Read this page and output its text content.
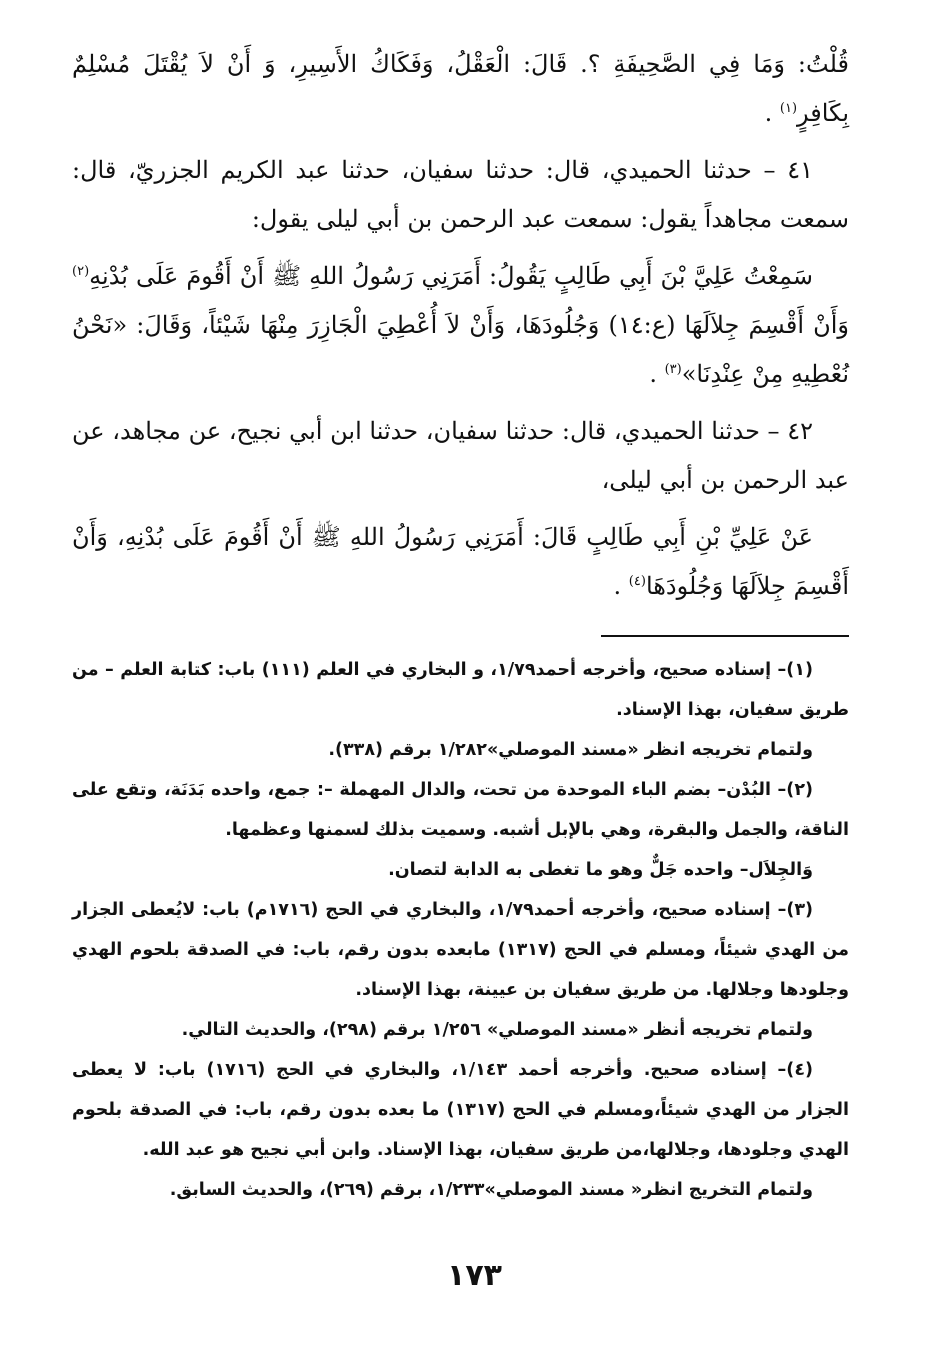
قُلْتُ: وَمَا فِي الصَّحِيفَةِ ؟. قَالَ: الْعَقْلُ، وَفَكَاكُ الأَسِيرِ، وَ أَنْ لاَ يُقْتَلَ مُسْلِمٌ بِكَافِرٍ$^{(١)}$ .

٤١ – حدثنا الحميدي، قال: حدثنا سفيان، حدثنا عبد الكريم الجزريّ، قال: سمعت مجاهداً يقول: سمعت عبد الرحمن بن أبي ليلى يقول:

سَمِعْتُ عَلِيَّ بْنَ أَبِي طَالِبٍ يَقُولُ: أَمَرَنِي رَسُولُ اللهِ ﷺ أَنْ أَقُومَ عَلَى بُدْنِهِ$^{(٢)}$ وَأَنْ أَقْسِمَ جِلاَلَهَا (ع:١٤) وَجُلُودَهَا، وَأَنْ لاَ أُعْطِيَ الْجَازِرَ مِنْهَا شَيْئاً، وَقَالَ: «نَحْنُ نُعْطِيهِ مِنْ عِنْدِنَا»$^{(٣)}$ .

٤٢ – حدثنا الحميدي، قال: حدثنا سفيان، حدثنا ابن أبي نجيح، عن مجاهد، عن عبد الرحمن بن أبي ليلى،

عَنْ عَلِيِّ بْنِ أَبِي طَالِبٍ قَالَ: أَمَرَنِي رَسُولُ اللهِ ﷺ أَنْ أَقُومَ عَلَى بُدْنِهِ، وَأَنْ أَقْسِمَ جِلاَلَهَا وَجُلُودَهَا$^{(٤)}$ .

(١)– إسناده صحيح، وأخرجه أحمد١/٧٩، و البخاري في العلم (١١١) باب: كتابة العلم – من طريق سفيان، بهذا الإسناد.

ولتمام تخريجه انظر «مسند الموصلي»١/٢٨٢ برقم (٣٣٨).

(٢)– البُدْن– بضم الباء الموحدة من تحت، والدال المهملة –: جمع، واحده بَدَنَة، وتقع على الناقة، والجمل والبقرة، وهي بالإبل أشبه. وسميت بذلك لسمنها وعظمها.

وَالجِلاَل– واحده جَلٌّ وهو ما تغطى به الدابة لتصان.

(٣)– إسناده صحيح، وأخرجه أحمد١/٧٩، والبخاري في الحج (١٧١٦م) باب: لايُعطى الجزار من الهدي شيئاً، ومسلم في الحج (١٣١٧) مابعده بدون رقم، باب: في الصدقة بلحوم الهدي وجلودها وجلالها. من طريق سفيان بن عيينة، بهذا الإسناد.

ولتمام تخريجه أنظر «مسند الموصلي» ١/٢٥٦ برقم (٢٩٨)، والحديث التالي.

(٤)– إسناده صحيح. وأخرجه أحمد ١/١٤٣، والبخاري في الحج (١٧١٦) باب: لا يعطى الجزار من الهدي شيئاً،ومسلم في الحج (١٣١٧) ما بعده بدون رقم، باب: في الصدقة بلحوم الهدي وجلودها، وجلالها،من طريق سفيان، بهذا الإسناد. وابن أبي نجيح هو عبد الله.

ولتمام التخريج انظر« مسند الموصلي»١/٢٣٣، برقم (٢٦٩)، والحديث السابق.

١٧٣
